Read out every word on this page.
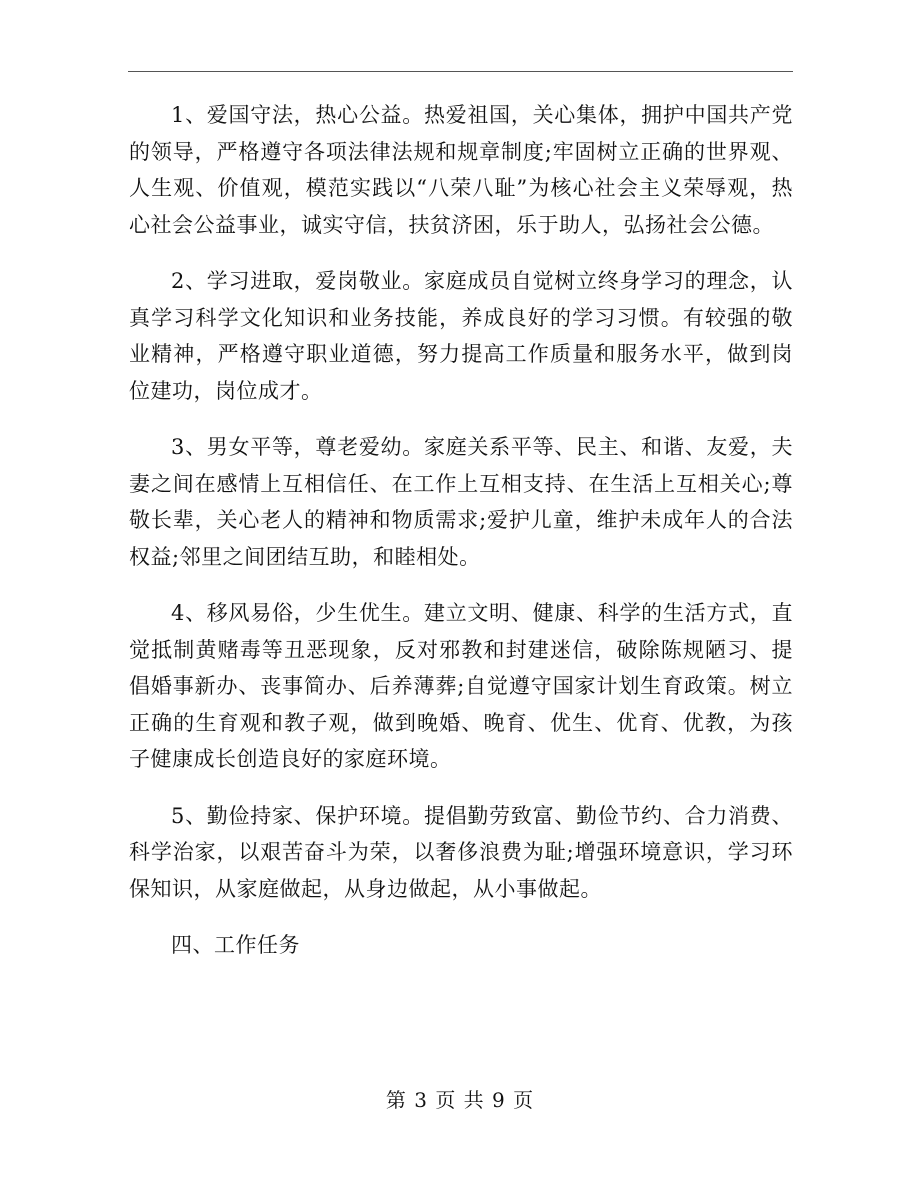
1、爱国守法，热心公益。热爱祖国，关心集体，拥护中国共产党的领导，严格遵守各项法律法规和规章制度;牢固树立正确的世界观、人生观、价值观，模范实践以“八荣八耻”为核心社会主义荣辱观，热心社会公益事业，诚实守信，扶贫济困，乐于助人，弘扬社会公德。

2、学习进取，爱岗敬业。家庭成员自觉树立终身学习的理念，认真学习科学文化知识和业务技能，养成良好的学习习惯。有较强的敬业精神，严格遵守职业道德，努力提高工作质量和服务水平，做到岗位建功，岗位成才。

3、男女平等，尊老爱幼。家庭关系平等、民主、和谐、友爱，夫妻之间在感情上互相信任、在工作上互相支持、在生活上互相关心;尊敬长辈，关心老人的精神和物质需求;爱护儿童，维护未成年人的合法权益;邻里之间团结互助，和睦相处。

4、移风易俗，少生优生。建立文明、健康、科学的生活方式，直觉抵制黄赌毒等丑恶现象，反对邪教和封建迷信，破除陈规陋习、提倡婚事新办、丧事简办、后养薄葬;自觉遵守国家计划生育政策。树立正确的生育观和教子观，做到晚婚、晚育、优生、优育、优教，为孩子健康成长创造良好的家庭环境。

5、勤俭持家、保护环境。提倡勤劳致富、勤俭节约、合力消费、科学治家，以艰苦奋斗为荣，以奢侈浪费为耻;增强环境意识，学习环保知识，从家庭做起，从身边做起，从小事做起。

四、工作任务

第 3 页 共 9 页
